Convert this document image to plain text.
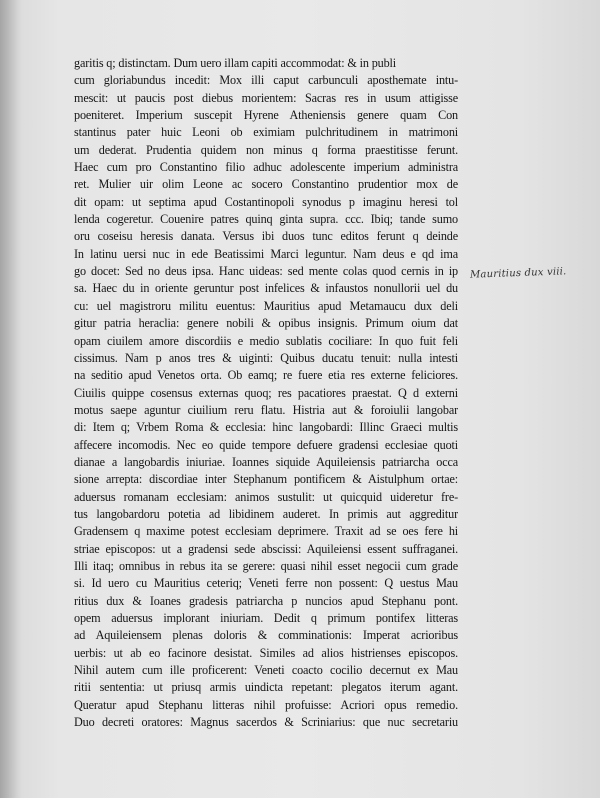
garitis q; distinctam. Dum uero illam capiti accommodat: & in publi
cum gloriabundus incedit: Mox illi caput carbunculi aposthemate intu-
mescit: ut paucis post diebus morientem: Sacras res in usum attigisse
poeniteret. Imperium suscepit Hyrene Atheniensis genere quam Con
stantinus pater huic Leoni ob eximiam pulchritudinem in matrimoni
um dederat. Prudentia quidem non minus q forma praestitisse ferunt.
Haec cum pro Constantino filio adhuc adolescente imperium administra
ret. Mulier uir olim Leone ac socero Constantino prudentior mox de
dit opam: ut septima apud Costantinopoli synodus p imaginu heresi tol
lenda cogeretur. Couenire patres quinq ginta supra. ccc. Ibiq; tande sumo
oru coseisu heresis danata. Versus ibi duos tunc editos ferunt q deinde
In latinu uersi nuc in ede Beatissimi Marci leguntur. Nam deus e qd ima
go docet: Sed no deus ipsa. Hanc uideas: sed mente colas quod cernis in ip
sa. Haec du in oriente geruntur post infelices & infaustos nonullorii uel du
cu: uel magistroru militu euentus: Mauritius apud Metamaucu dux deli
gitur patria heraclia: genere nobili & opibus insignis. Primum oium dat
opam ciuilem amore discordiis e medio sublatis cociliare: In quo fuit feli
cissimus. Nam p anos tres & uiginti: Quibus ducatu tenuit: nulla intesti
na seditio apud Venetos orta. Ob eamq; re fuere etia res externe feliciores.
Ciuilis quippe cosensus externas quoq; res pacatiores praestat. Q d externi
motus saepe aguntur ciuilium reru flatu. Histria aut & foroiulii langobar
di: Item q; Vrbem Roma & ecclesia: hinc langobardi: Illinc Graeci multis
affecere incomodis. Nec eo quide tempore defuere gradensi ecclesiae quoti
dianae a langobardis iniuriae. Ioannes siquide Aquileiensis patriarcha occa
sione arrepta: discordiae inter Stephanum pontificem & Aistulphum ortae:
aduersus romanam ecclesiam: animos sustulit: ut quicquid uideretur fre-
tus langobardoru potetia ad libidinem auderet. In primis aut aggreditur
Gradensem q maxime potest ecclesiam deprimere. Traxit ad se oes fere hi
striae episcopos: ut a gradensi sede abscissi: Aquileiensi essent suffraganei.
Illi itaq; omnibus in rebus ita se gerere: quasi nihil esset negocii cum grade
si. Id uero cu Mauritius ceteriq; Veneti ferre non possent: Q uestus Mau
ritius dux & Ioanes gradesis patriarcha p nuncios apud Stephanu pont.
opem aduersus implorant iniuriam. Dedit q primum pontifex litteras
ad Aquileiensem plenas doloris & comminationis: Imperat acrioribus
uerbis: ut ab eo facinore desistat. Similes ad alios histrienses episcopos.
Nihil autem cum ille proficerent: Veneti coacto cocilio decernut ex Mau
ritii sententia: ut priusq armis uindicta repetant: plegatos iterum agant.
Queratur apud Stephanu litteras nihil profuisse: Acriori opus remedio.
Duo decreti oratores: Magnus sacerdos & Scriniarius: que nuc secretariu
Mauritius dux viii.
